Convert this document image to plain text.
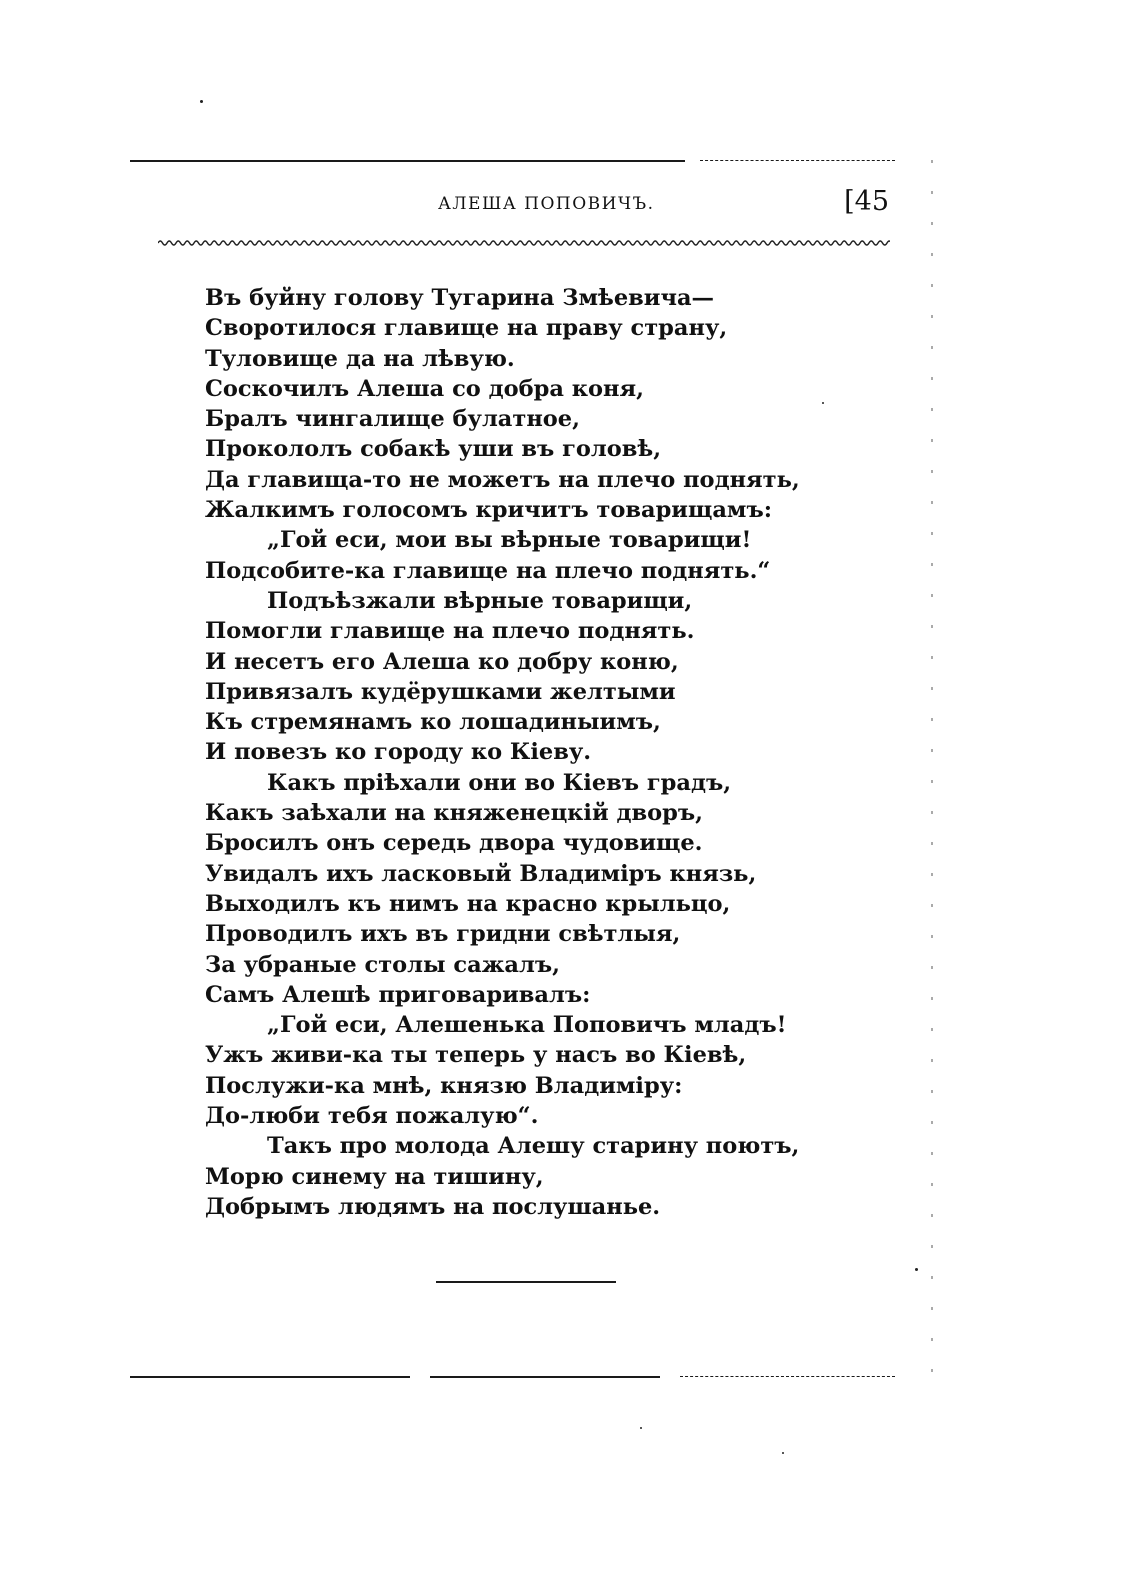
АЛЕША ПОПОВИЧЪ.	[45
Въ буйну голову Тугарина Змѣевича—
Своротилося главище на праву страну,
Туловище да на лѣвую.
Соскочилъ Алеша со добра коня,
Бралъ чингалище булатное,
Прокололъ собакѣ уши въ головѣ,
Да главища-то не можетъ на плечо поднять,
Жалкимъ голосомъ кричитъ товарищамъ:
„Гой еси, мои вы вѣрные товарищи!
Подсобите-ка главище на плечо поднять.“
Подъѣзжали вѣрные товарищи,
Помогли главище на плечо поднять.
И несетъ его Алеша ко добру коню,
Привязалъ кудёрушками желтыми
Къ стремянамъ ко лошадиныимъ,
И повезъ ко городу ко Кіеву.
Какъ пріѣхали они во Кіевъ градъ,
Какъ заѣхали на княженецкій дворъ,
Бросилъ онъ середь двора чудовище.
Увидалъ ихъ ласковый Владиміръ князь,
Выходилъ къ нимъ на красно крыльцо,
Проводилъ ихъ въ гридни свѣтлыя,
За убраные столы сажалъ,
Самъ Алешѣ приговаривалъ:
„Гой еси, Алешенька Поповичъ младъ!
Ужъ живи-ка ты теперь у насъ во Кіевѣ,
Послужи-ка мнѣ, князю Владиміру:
До-люби тебя пожалую“.
Такъ про молода Алешу старину поютъ,
Морю синему на тишину,
Добрымъ людямъ на послушанье.
